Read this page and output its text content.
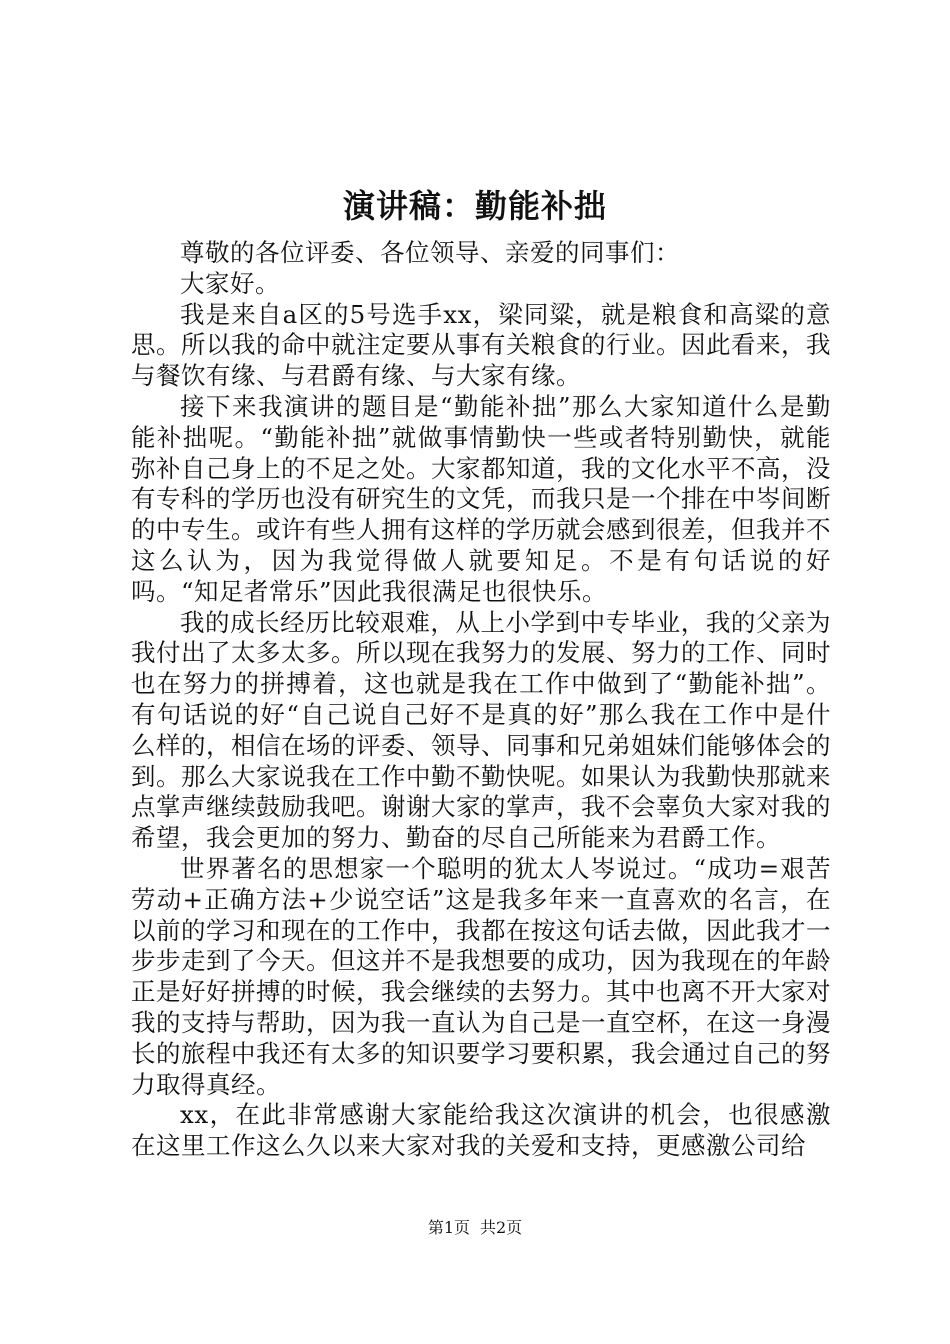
演讲稿：勤能补拙

尊敬的各位评委、各位领导、亲爱的同事们：

大家好。

我是来自a区的5号选手xx，梁同粱，就是粮食和高粱的意思。所以我的命中就注定要从事有关粮食的行业。因此看来，我与餐饮有缘、与君爵有缘、与大家有缘。

接下来我演讲的题目是“勤能补拙”那么大家知道什么是勤能补拙呢。“勤能补拙”就做事情勤快一些或者特别勤快，就能弥补自己身上的不足之处。大家都知道，我的文化水平不高，没有专科的学历也没有研究生的文凭，而我只是一个排在中岑间断的中专生。或许有些人拥有这样的学历就会感到很差，但我并不这么认为，因为我觉得做人就要知足。不是有句话说的好吗。“知足者常乐”因此我很满足也很快乐。

我的成长经历比较艰难，从上小学到中专毕业，我的父亲为我付出了太多太多。所以现在我努力的发展、努力的工作、同时也在努力的拼搏着，这也就是我在工作中做到了“勤能补拙”。有句话说的好“自己说自己好不是真的好”那么我在工作中是什么样的，相信在场的评委、领导、同事和兄弟姐妹们能够体会的到。那么大家说我在工作中勤不勤快呢。如果认为我勤快那就来点掌声继续鼓励我吧。谢谢大家的掌声，我不会辜负大家对我的希望，我会更加的努力、勤奋的尽自己所能来为君爵工作。

世界著名的思想家一个聪明的犹太人岑说过。“成功=艰苦劳动+正确方法+少说空话”这是我多年来一直喜欢的名言，在以前的学习和现在的工作中，我都在按这句话去做，因此我才一步步走到了今天。但这并不是我想要的成功，因为我现在的年龄正是好好拼搏的时候，我会继续的去努力。其中也离不开大家对我的支持与帮助，因为我一直认为自己是一直空杯，在这一身漫长的旅程中我还有太多的知识要学习要积累，我会通过自己的努力取得真经。

xx，在此非常感谢大家能给我这次演讲的机会，也很感激在这里工作这么久以来大家对我的关爱和支持，更感激公司给

第1页 共2页
